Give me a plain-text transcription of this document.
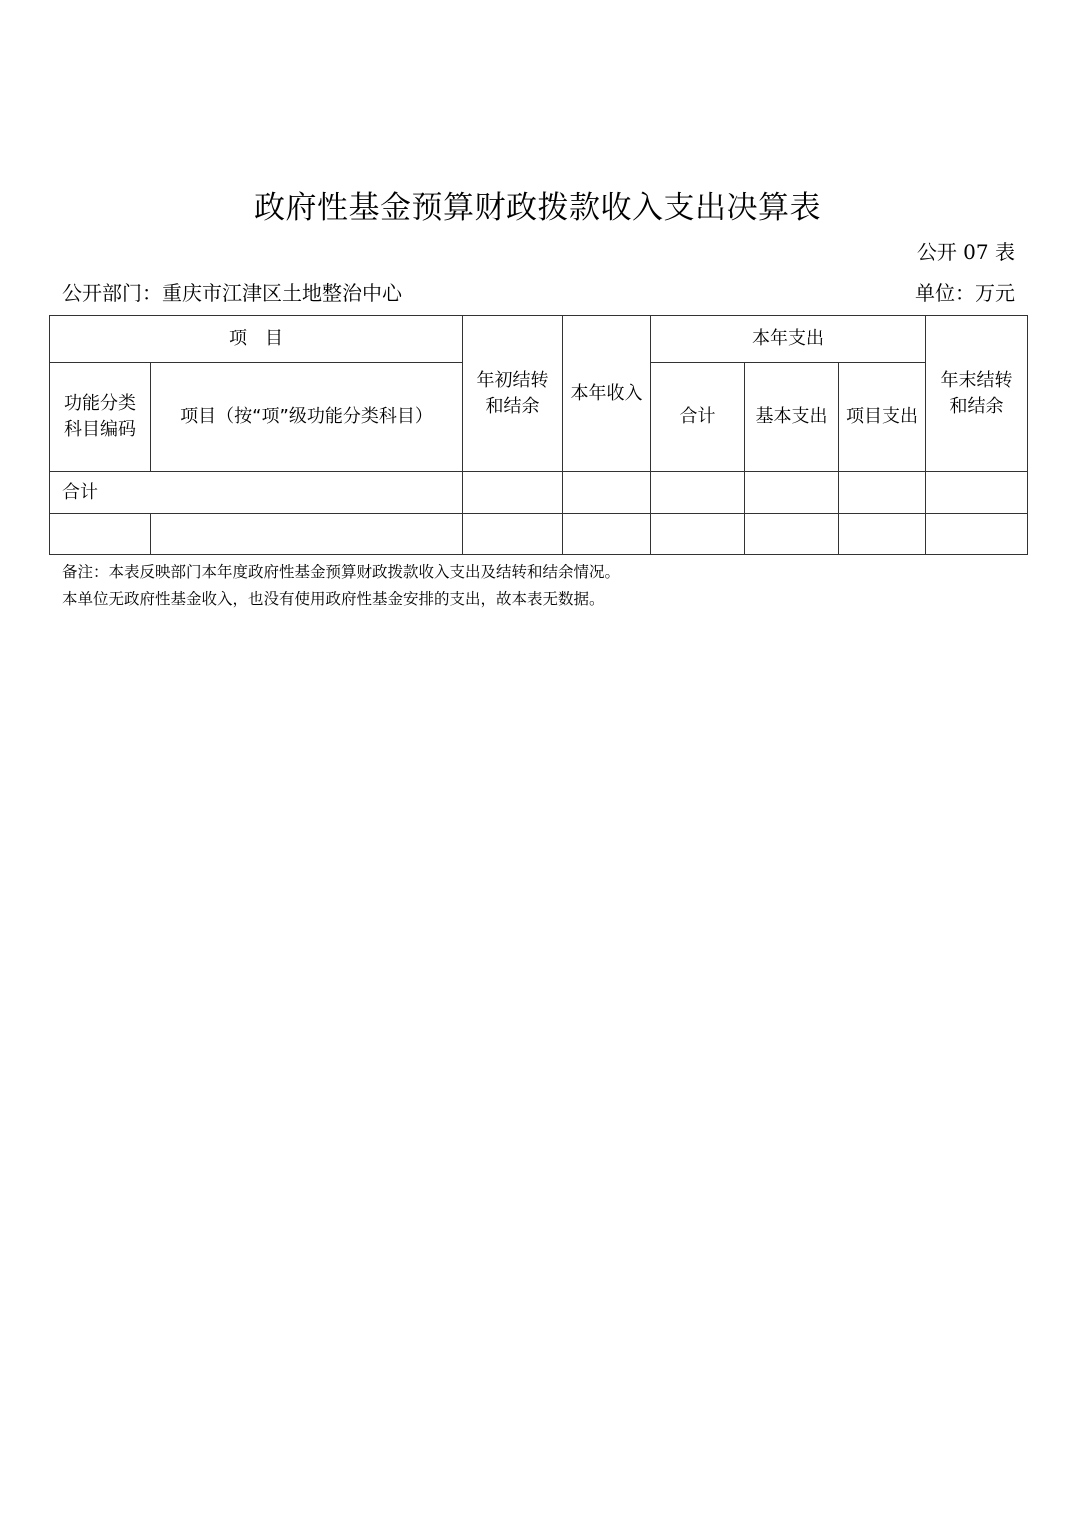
政府性基金预算财政拨款收入支出决算表
公开 07 表
公开部门：重庆市江津区土地整治中心	单位：万元
项　目		年初结转和结余	本年收入	本年支出			年末结转和结余
功能分类科目编码	项目（按“项”级功能分类科目）			合计	基本支出	项目支出	
合计							

备注：本表反映部门本年度政府性基金预算财政拨款收入支出及结转和结余情况。
本单位无政府性基金收入，也没有使用政府性基金安排的支出，故本表无数据。
